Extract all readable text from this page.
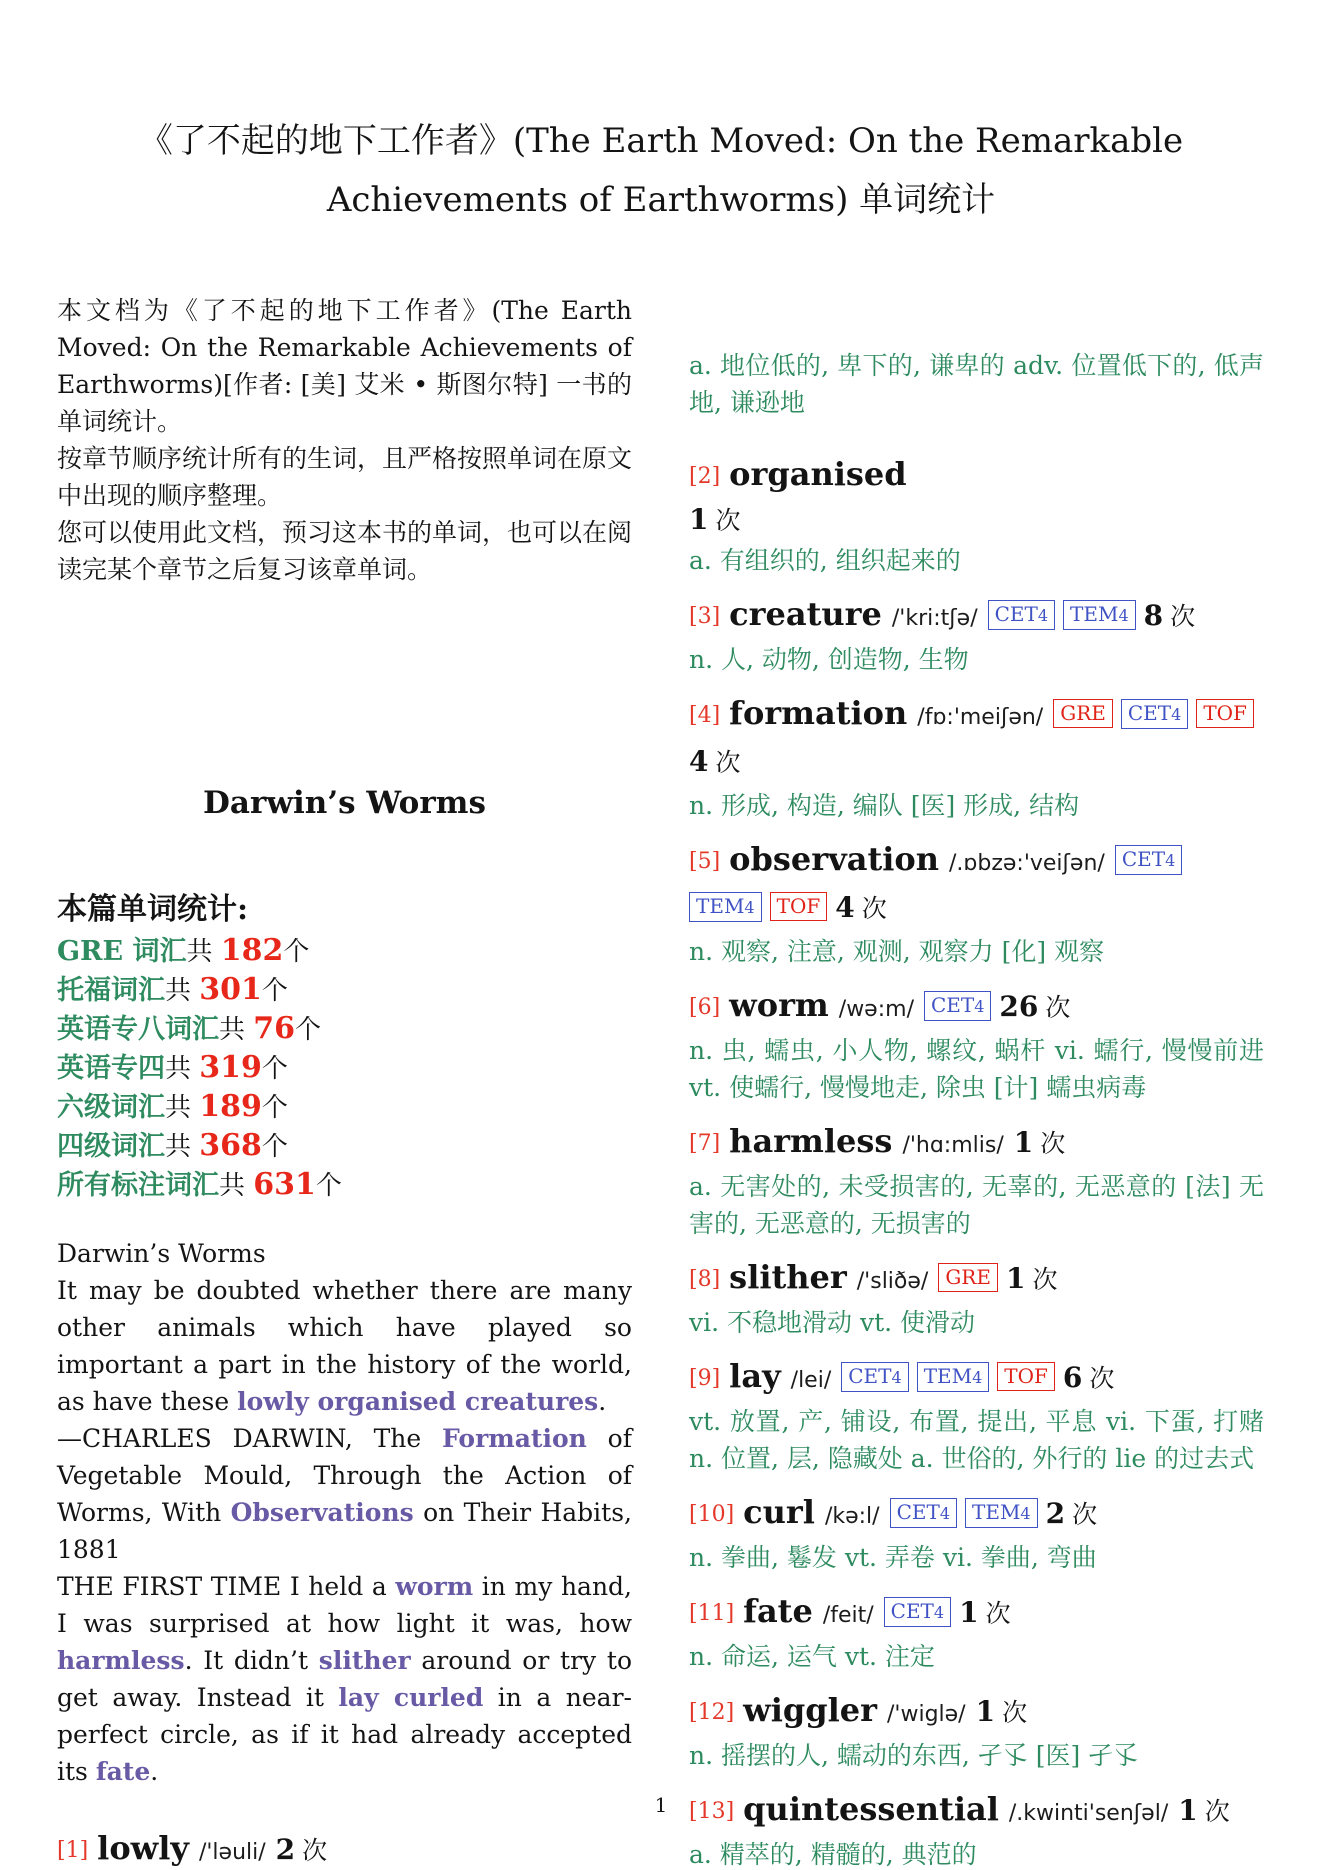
《了不起的地下工作者》(The Earth Moved: On the Remarkable Achievements of Earthworms) 单词统计

本文档为《了不起的地下工作者》(The Earth Moved: On the Remarkable Achievements of Earthworms)[作者: [美] 艾米 • 斯图尔特] 一书的单词统计。

按章节顺序统计所有的生词，且严格按照单词在原文中出现的顺序整理。

您可以使用此文档，预习这本书的单词，也可以在阅读完某个章节之后复习该章单词。

Darwin’s Worms
本篇单词统计:
GRE 词汇共 182个
托福词汇共 301个
英语专八词汇共 76个
英语专四共 319个
六级词汇共 189个
四级词汇共 368个
所有标注词汇共 631个

Darwin’s Worms

It may be doubted whether there are many other animals which have played so important a part in the history of the world, as have these lowly organised creatures.

—CHARLES DARWIN, The Formation of Vegetable Mould, Through the Action of Worms, With Observations on Their Habits, 1881

THE FIRST TIME I held a worm in my hand, I was surprised at how light it was, how harmless. It didn’t slither around or try to get away. Instead it lay curled in a near-perfect circle, as if it had already accepted its fate.

[1] lowly /'ləuli/ 2 次

a. 地位低的, 卑下的, 谦卑的 adv. 位置低下的, 低声地, 谦逊地

[2] organised
1 次

a. 有组织的, 组织起来的

[3] creature /'kri:tʃə/ CET4 TEM4 8 次

n. 人, 动物, 创造物, 生物

[4] formation /fɒ:'meiʃən/ GRE CET4 TOF4 次

n. 形成, 构造, 编队 [医] 形成, 结构

[5] observation /.ɒbzə:'veiʃən/ CET4TEM4 TOF 4 次

n. 观察, 注意, 观测, 观察力 [化] 观察

[6] worm /wə:m/ CET4 26 次

n. 虫, 蠕虫, 小人物, 螺纹, 蜗杆 vi. 蠕行, 慢慢前进 vt. 使蠕行, 慢慢地走, 除虫 [计] 蠕虫病毒

[7] harmless /'hɑ:mlis/ 1 次

a. 无害处的, 未受损害的, 无辜的, 无恶意的 [法] 无害的, 无恶意的, 无损害的

[8] slither /'sliðə/ GRE 1 次

vi. 不稳地滑动 vt. 使滑动

[9] lay /lei/ CET4 TEM4 TOF 6 次

vt. 放置, 产, 铺设, 布置, 提出, 平息 vi. 下蛋, 打赌 n. 位置, 层, 隐藏处 a. 世俗的, 外行的 lie 的过去式

[10] curl /kə:l/ CET4 TEM4 2 次

n. 拳曲, 鬈发 vt. 弄卷 vi. 拳曲, 弯曲

[11] fate /feit/ CET4 1 次

n. 命运, 运气 vt. 注定

[12] wiggler /'wiglə/ 1 次

n. 摇摆的人, 蠕动的东西, 孑孓 [医] 孑孓

[13] quintessential /.kwinti'senʃəl/ 1 次

a. 精萃的, 精髓的, 典范的

1
